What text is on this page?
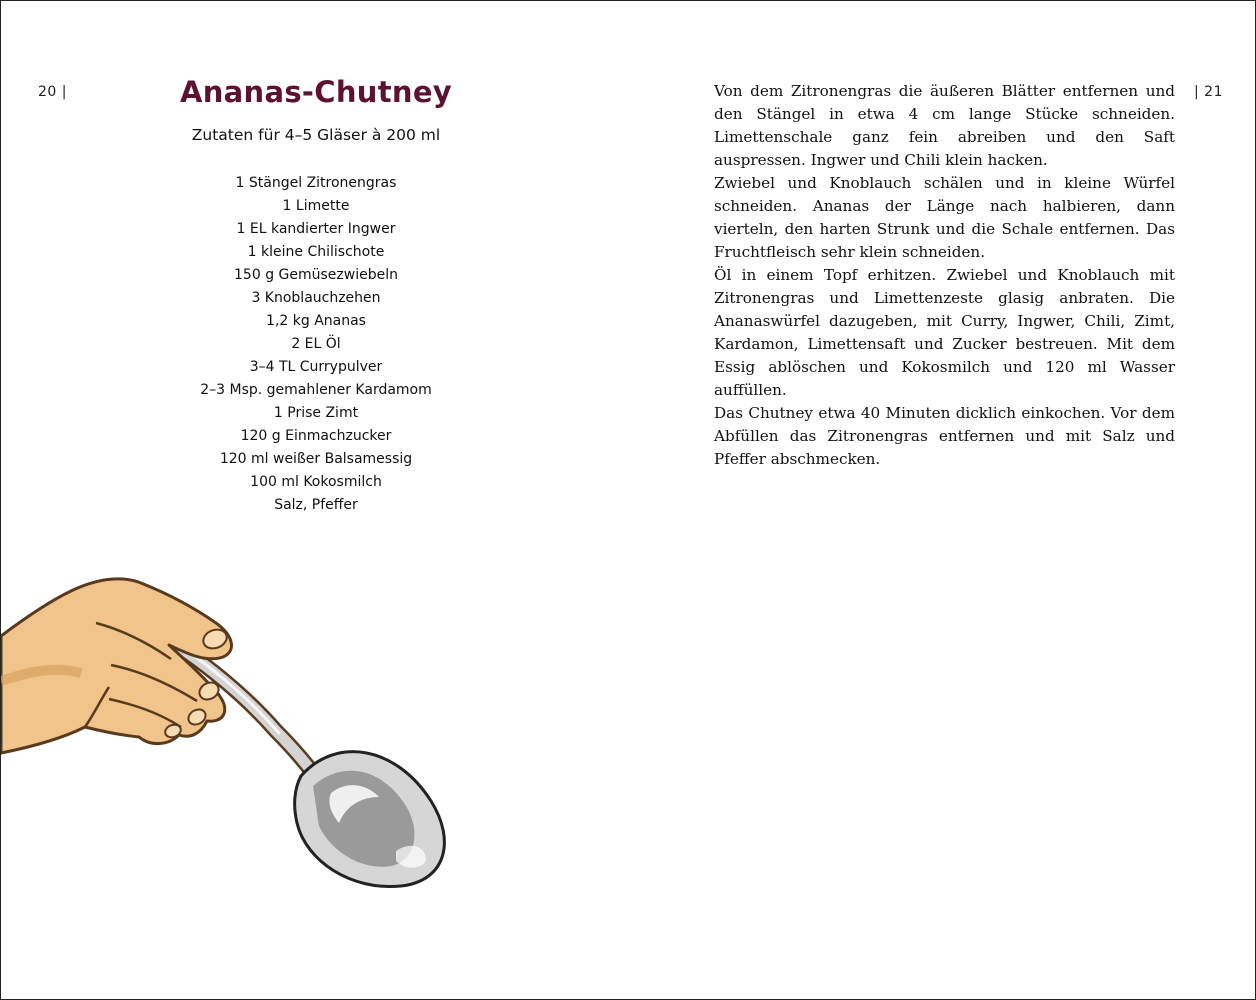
20 |	Ananas-Chutney
Zutaten für 4–5 Gläser à 200 ml
1 Stängel Zitronengras
1 Limette
1 EL kandierter Ingwer
1 kleine Chilischote
150 g Gemüsezwiebeln
3 Knoblauchzehen
1,2 kg Ananas
2 EL Öl
3–4 TL Currypulver
2–3 Msp. gemahlener Kardamom
1 Prise Zimt
120 g Einmachzucker
120 ml weißer Balsamessig
100 ml Kokosmilch
Salz, Pfeffer

Von dem Zitronengras die äußeren Blätter entfernen und den Stängel in etwa 4 cm lange Stücke schneiden. Limettenschale ganz fein abreiben und den Saft auspressen. Ingwer und Chili klein hacken.

Zwiebel und Knoblauch schälen und in kleine Würfel schneiden. Ananas der Länge nach halbieren, dann vierteln, den harten Strunk und die Schale entfernen. Das Fruchtfleisch sehr klein schneiden.

Öl in einem Topf erhitzen. Zwiebel und Knoblauch mit Zitronengras und Limettenzeste glasig anbraten. Die Ananaswürfel dazugeben, mit Curry, Ingwer, Chili, Zimt, Kardamon, Limettensaft und Zucker bestreuen. Mit dem Essig ablöschen und Kokosmilch und 120 ml Wasser auffüllen.

Das Chutney etwa 40 Minuten dicklich einkochen. Vor dem Abfüllen das Zitronengras entfernen und mit Salz und Pfeffer abschmecken.

| 21
